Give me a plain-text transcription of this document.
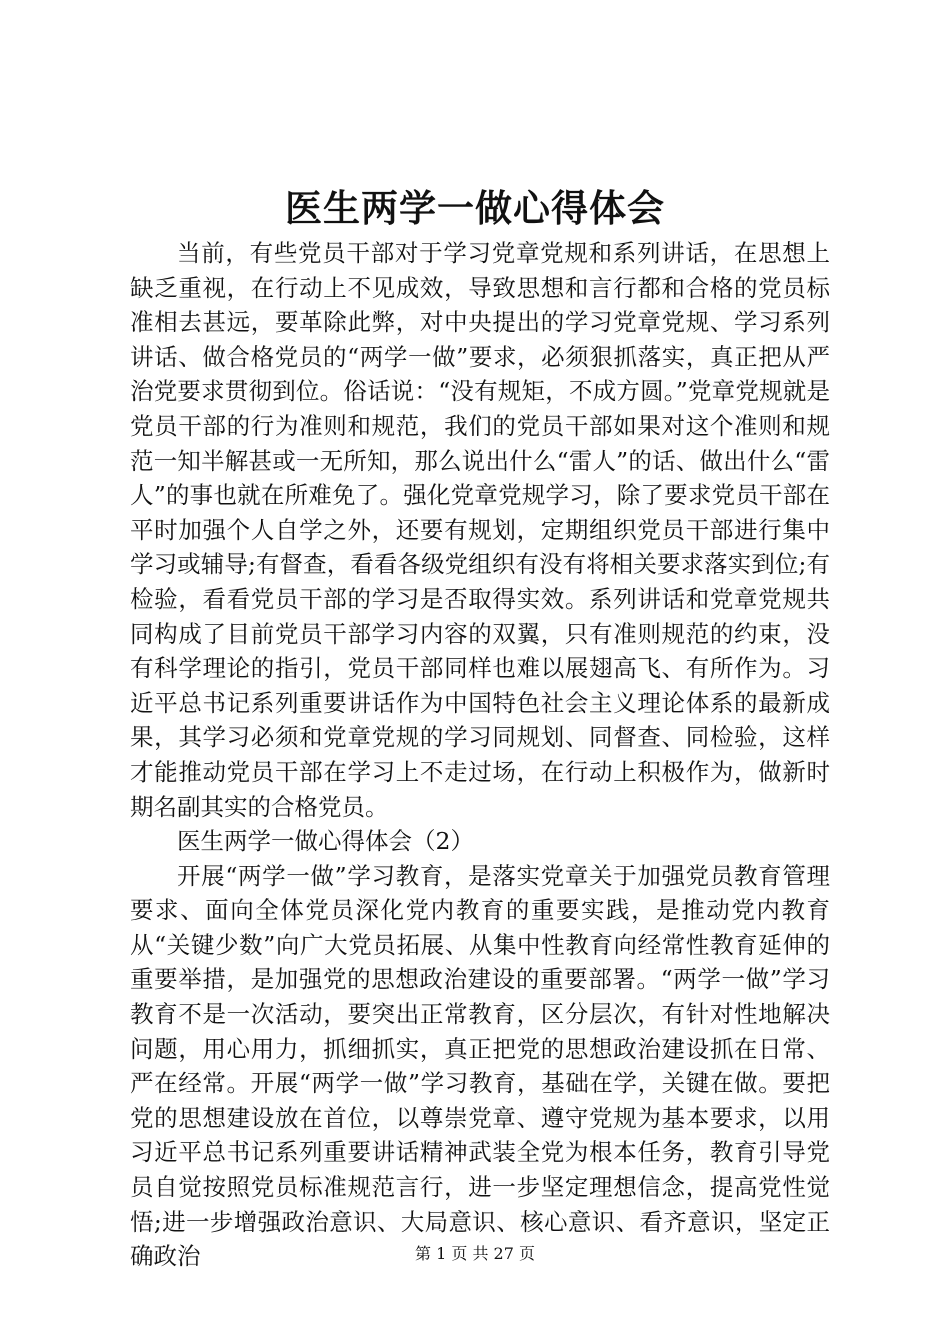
医生两学一做心得体会

当前，有些党员干部对于学习党章党规和系列讲话，在思想上缺乏重视，在行动上不见成效，导致思想和言行都和合格的党员标准相去甚远，要革除此弊，对中央提出的学习党章党规、学习系列讲话、做合格党员的“两学一做”要求，必须狠抓落实，真正把从严治党要求贯彻到位。俗话说：“没有规矩，不成方圆。”党章党规就是党员干部的行为准则和规范，我们的党员干部如果对这个准则和规范一知半解甚或一无所知，那么说出什么“雷人”的话、做出什么“雷人”的事也就在所难免了。强化党章党规学习，除了要求党员干部在平时加强个人自学之外，还要有规划，定期组织党员干部进行集中学习或辅导;有督查，看看各级党组织有没有将相关要求落实到位;有检验，看看党员干部的学习是否取得实效。系列讲话和党章党规共同构成了目前党员干部学习内容的双翼，只有准则规范的约束，没有科学理论的指引，党员干部同样也难以展翅高飞、有所作为。习近平总书记系列重要讲话作为中国特色社会主义理论体系的最新成果，其学习必须和党章党规的学习同规划、同督查、同检验，这样才能推动党员干部在学习上不走过场，在行动上积极作为，做新时期名副其实的合格党员。

医生两学一做心得体会（2）

开展“两学一做”学习教育，是落实党章关于加强党员教育管理要求、面向全体党员深化党内教育的重要实践，是推动党内教育从“关键少数”向广大党员拓展、从集中性教育向经常性教育延伸的重要举措，是加强党的思想政治建设的重要部署。“两学一做”学习教育不是一次活动，要突出正常教育，区分层次，有针对性地解决问题，用心用力，抓细抓实，真正把党的思想政治建设抓在日常、严在经常。开展“两学一做”学习教育，基础在学，关键在做。要把党的思想建设放在首位，以尊崇党章、遵守党规为基本要求，以用习近平总书记系列重要讲话精神武装全党为根本任务，教育引导党员自觉按照党员标准规范言行，进一步坚定理想信念，提高党性觉悟;进一步增强政治意识、大局意识、核心意识、看齐意识，坚定正确政治	第 1 页 共 27 页
